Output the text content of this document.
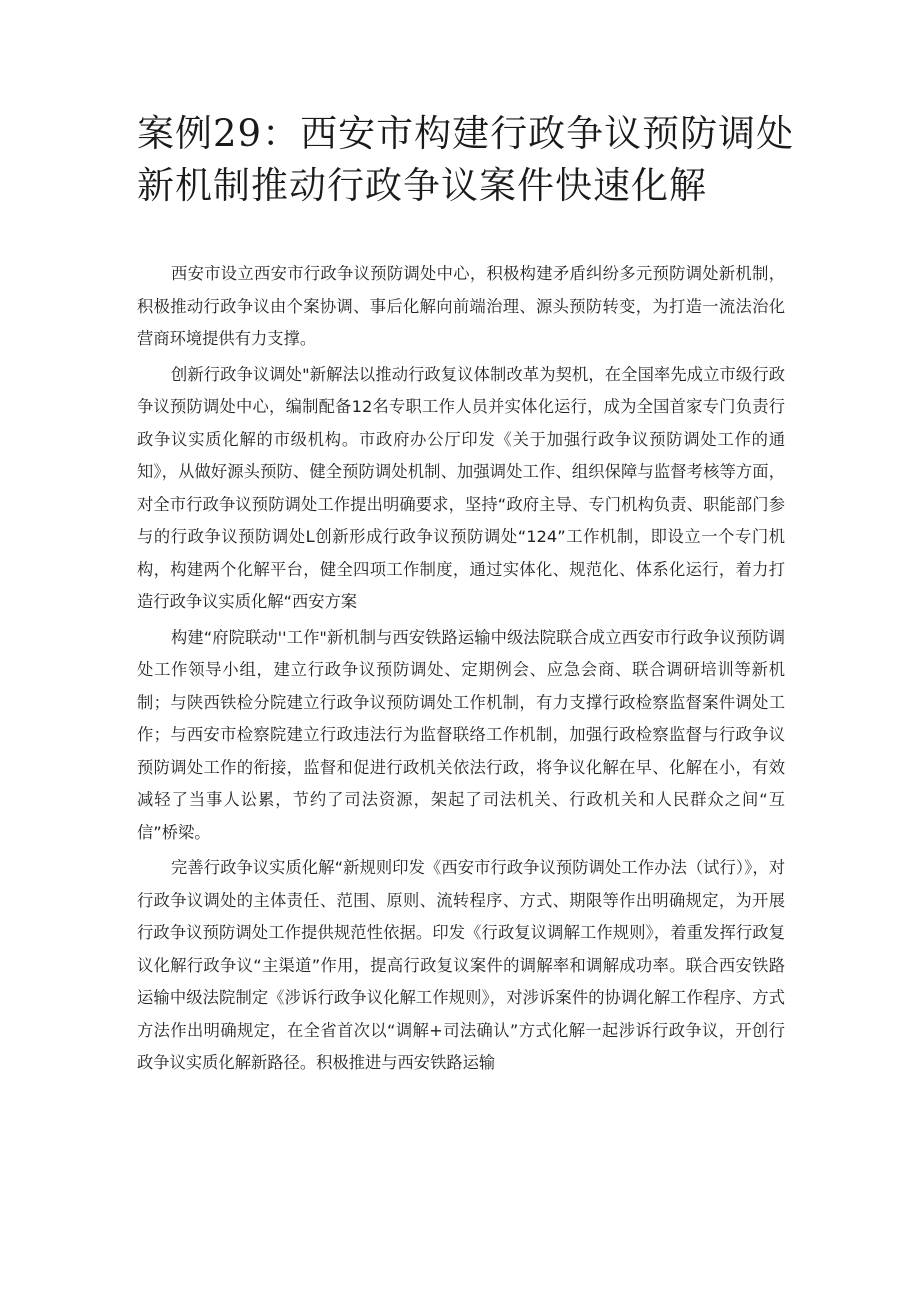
案例29：西安市构建行政争议预防调处
新机制推动行政争议案件快速化解

西安市设立西安市行政争议预防调处中心，积极构建矛盾纠纷多元预防调处新机制，积极推动行政争议由个案协调、事后化解向前端治理、源头预防转变，为打造一流法治化营商环境提供有力支撑。

创新行政争议调处"新解法以推动行政复议体制改革为契机，在全国率先成立市级行政争议预防调处中心，编制配备12名专职工作人员并实体化运行，成为全国首家专门负责行政争议实质化解的市级机构。市政府办公厅印发《关于加强行政争议预防调处工作的通知》，从做好源头预防、健全预防调处机制、加强调处工作、组织保障与监督考核等方面，对全市行政争议预防调处工作提出明确要求，坚持“政府主导、专门机构负责、职能部门参与的行政争议预防调处L创新形成行政争议预防调处“124”工作机制，即设立一个专门机构，构建两个化解平台，健全四项工作制度，通过实体化、规范化、体系化运行，着力打造行政争议实质化解“西安方案

构建“府院联动''工作"新机制与西安铁路运输中级法院联合成立西安市行政争议预防调处工作领导小组，建立行政争议预防调处、定期例会、应急会商、联合调研培训等新机制；与陕西铁检分院建立行政争议预防调处工作机制，有力支撑行政检察监督案件调处工作；与西安市检察院建立行政违法行为监督联络工作机制，加强行政检察监督与行政争议预防调处工作的衔接，监督和促进行政机关依法行政，将争议化解在早、化解在小，有效减轻了当事人讼累，节约了司法资源，架起了司法机关、行政机关和人民群众之间“互信”桥梁。

完善行政争议实质化解“新规则印发《西安市行政争议预防调处工作办法（试行）》，对行政争议调处的主体责任、范围、原则、流转程序、方式、期限等作出明确规定，为开展行政争议预防调处工作提供规范性依据。印发《行政复议调解工作规则》，着重发挥行政复议化解行政争议“主渠道”作用，提高行政复议案件的调解率和调解成功率。联合西安铁路运输中级法院制定《涉诉行政争议化解工作规则》，对涉诉案件的协调化解工作程序、方式方法作出明确规定，在全省首次以“调解+司法确认”方式化解一起涉诉行政争议，开创行政争议实质化解新路径。积极推进与西安铁路运输
